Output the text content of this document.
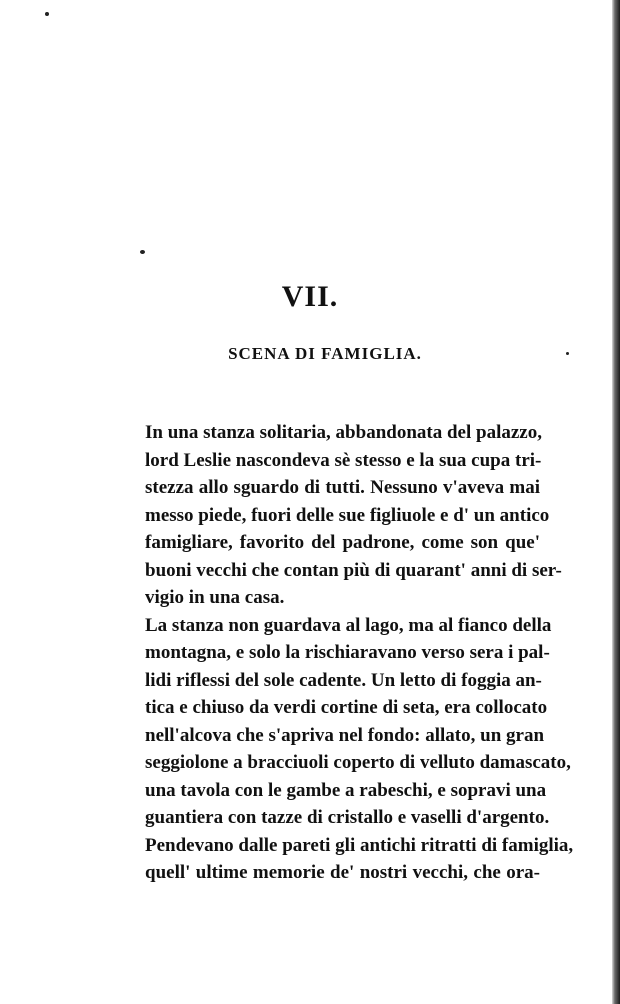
VII.
SCENA DI FAMIGLIA.
In una stanza solitaria, abbandonata del palazzo,
lord Leslie nascondeva sè stesso e la sua cupa tri-
stezza allo sguardo di tutti. Nessuno v'aveva mai
messo piede, fuori delle sue figliuole e d' un antico
famigliare, favorito del padrone, come son que'
buoni vecchi che contan più di quarant' anni di ser-
vigio in una casa.
La stanza non guardava al lago, ma al fianco della
montagna, e solo la rischiaravano verso sera i pal-
lidi riflessi del sole cadente. Un letto di foggia an-
tica e chiuso da verdi cortine di seta, era collocato
nell'alcova che s'apriva nel fondo: allato, un gran
seggiolone a bracciuoli coperto di velluto damascato,
una tavola con le gambe a rabeschi, e sopravi una
guantiera con tazze di cristallo e vaselli d'argento.
Pendevano dalle pareti gli antichi ritratti di famiglia,
quell' ultime memorie de' nostri vecchi, che ora-
